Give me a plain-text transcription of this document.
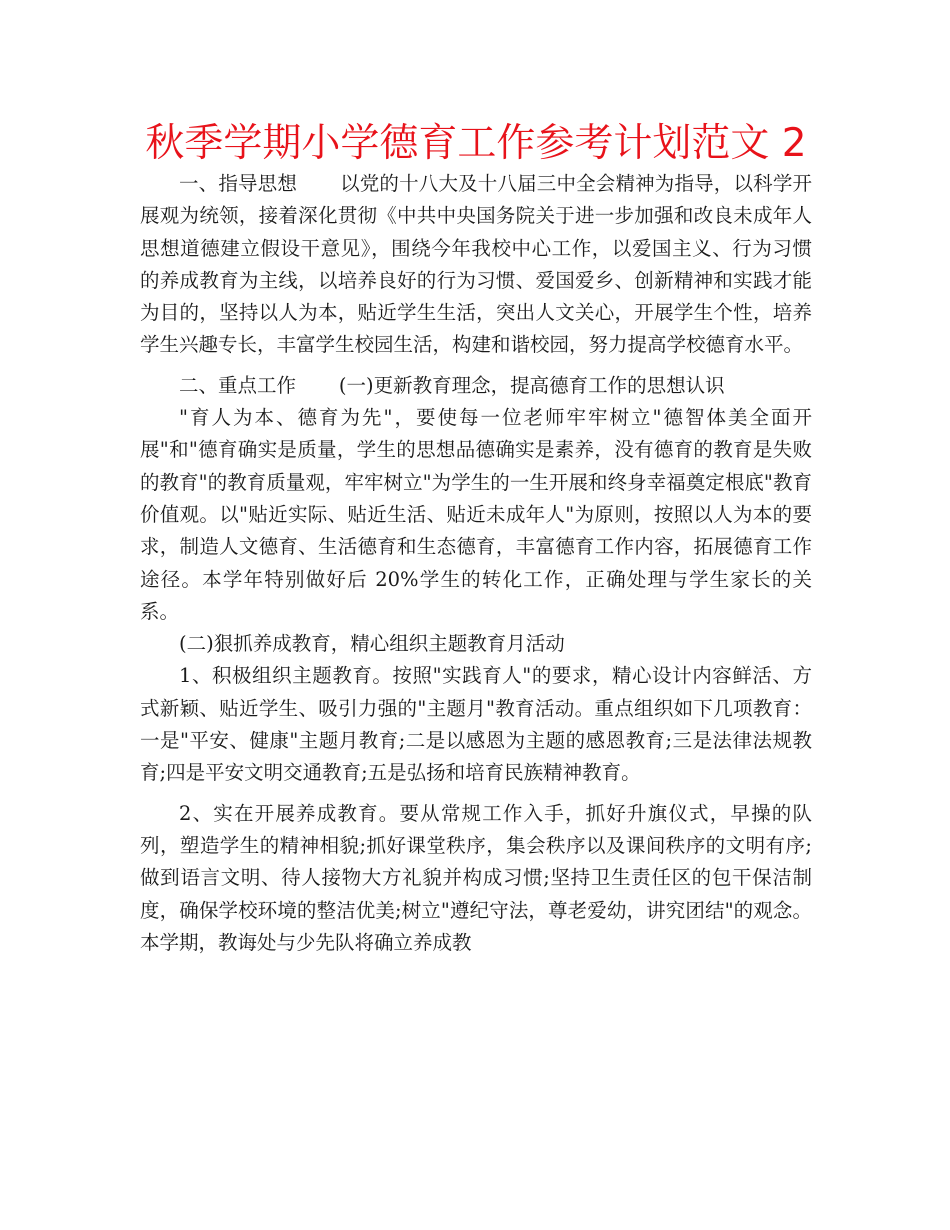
秋季学期小学德育工作参考计划范文 2

一、指导思想 以党的十八大及十八届三中全会精神为指导，以科学开展观为统领，接着深化贯彻《中共中央国务院关于进一步加强和改良未成年人思想道德建立假设干意见》，围绕今年我校中心工作，以爱国主义、行为习惯的养成教育为主线，以培养良好的行为习惯、爱国爱乡、创新精神和实践才能为目的，坚持以人为本，贴近学生生活，突出人文关心，开展学生个性，培养学生兴趣专长，丰富学生校园生活，构建和谐校园，努力提高学校德育水平。

二、重点工作 (一)更新教育理念，提高德育工作的思想认识

"育人为本、德育为先"，要使每一位老师牢牢树立"德智体美全面开展"和"德育确实是质量，学生的思想品德确实是素养，没有德育的教育是失败的教育"的教育质量观，牢牢树立"为学生的一生开展和终身幸福奠定根底"教育价值观。以"贴近实际、贴近生活、贴近未成年人"为原则，按照以人为本的要求，制造人文德育、生活德育和生态德育，丰富德育工作内容，拓展德育工作途径。本学年特别做好后 20%学生的转化工作，正确处理与学生家长的关系。

(二)狠抓养成教育，精心组织主题教育月活动

1、积极组织主题教育。按照"实践育人"的要求，精心设计内容鲜活、方式新颖、贴近学生、吸引力强的"主题月"教育活动。重点组织如下几项教育：一是"平安、健康"主题月教育;二是以感恩为主题的感恩教育;三是法律法规教育;四是平安文明交通教育;五是弘扬和培育民族精神教育。

2、实在开展养成教育。要从常规工作入手，抓好升旗仪式，早操的队列，塑造学生的精神相貌;抓好课堂秩序，集会秩序以及课间秩序的文明有序;做到语言文明、待人接物大方礼貌并构成习惯;坚持卫生责任区的包干保洁制度，确保学校环境的整洁优美;树立"遵纪守法，尊老爱幼，讲究团结"的观念。本学期，教诲处与少先队将确立养成教
